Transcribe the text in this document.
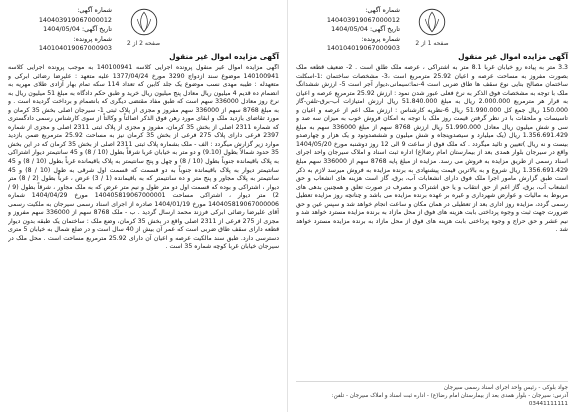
صفحه 1 از 2
شماره آگهی: 140403919067000012
تاریخ آگهی: 1404/05/04
شماره پرونده: 140104019067000903
آگهی مزایده اموال غیر منقول
3.3 متر به پیاده رو خیابان غربا 8.1 متر به اشتراکی ، عرصه ملک طلق است . 2- ضعیف قطعه ملک بصورت مفروز به مساحت عرصه و اعیان 25.92 مترمربع است ،3- مشخصات ساختمان :1-اسکلت ساختمان مصالح بنایی نوع سقف ها طاق ضربی است 4-نما:سیمانی،دیوار آجر است 5- ارزش ششدانگ ملک با توجه به مشخصات فوق الذکر به نرخ فعلی عبور شدن نمود : ارزش 25.92 مترمربع عرصه و اعیان به قرار هر مترمربع 2.000.000 ریال به مبلغ 51.840.000 ریال ارزش امتیازات آب-برق-تلفن-گاز 150.000 ریال جمع کل 51.990.000 ریال 6-نظریه کارشناس : ارزش ملک اعم از عرصه و اعیان و تاسیسات و ملحقات با در نظر گرفتن قیمت روز ملک با توجه به امکان فروش خوب به میزان سه صد و سی و شش میلیون ریال معادل 51.990.000 ریال ارزش 8768 سهم از مبلغ 336000 سهم به مبلغ 1.356.691.429 ریال (یک میلیارد و سیصدوپنجاه و شش میلیون و ششصدونود و یک هزار و چهارصدو بیست و نه ریال )تعیین و تائید میگردد . که ملک فوق از ساعت 9 الی 12 روز دوشنبه مورخ 1404/05/20 واقع در سیرجان بلوار همدی بعد از بیمارستان امام رضا(ع) اداره ثبت اسناد و املاک سیرجان واحد اجرای اسناد رسمی از طریق مزایده به فروش می رسد. مزایده از مبلغ پایه 8768 سهم از 336000 سهم مبلغ 1.356.691.429 ریال شروع و به بالاترین قیمت پیشنهادی به برنده مزایده به فروش میرسد لازم به ذکر است طبق گزارش مامور اجرا ملک فوق دارای انشعابات آب، برق، گاز است هزینه های انشعاب و حق انشعاب آب، برق، گاز اعم از حق انتقاب و یا حق اشتراک و مصرف در صورت تعلق و همچنین بدهی های مربوط به مالیات و عوارض شهرداری و غیره بر عهده برنده مزایده می باشد و چنانچه روز مزایده تعطیل رسمی گردد، مزایده روز اداری بعد از تعطیلی در همان مکان و ساعت انجام خواهد شد و سپس عین و حق ضرورت جهت ثبت و وجوه پرداختی بابت هزینه های فوق از محل مازاد به برنده مزایده مسترد خواهد شد و نیم عشر و حق حراج و وجوه پرداختی بابت هزینه های فوق از محل مازاد به برنده مزایده مسترد خواهد شد .
جواد بلوکی - رئیس واحد اجرای اسناد رسمی سیرجان
آدرس: سیرجان - بلوار همدی بعد از بیمارستان امام رضا(ع) - اداره ثبت اسناد و املاک سیرجان - تلفن: 03441111111
صفحه 2 از 2
شماره آگهی: 140403919067000012
تاریخ آگهی: 1404/05/04
شماره پرونده: 140104019067000903
آگهی مزایده اموال غیر منقول
آگهی مزایده اموال غیر منقول پرونده اجرایی کلاسه 140100941 به موجب پرونده اجرایی کلاسه 140100941 موضوع سند ازدواج 3290 مورخ 1377/04/24 علیه متعهد : علیرضا رضائی ابرکی و متعهدله : طیبه مهدی نسب موضوع یک جلد کابین که تعداد 114 سکه تمام بهار آزادی طلای مهریه به انضمام ده قدیم 4 میلیون ریال معادل پنج میلیون ریال خرید و طبق حکم دادگاه به مبلغ 51 میلیون ریال به نرخ روز معادل 336000 سهم است که طبق مفاد مقتضی دیگری که بانصمام و برداخت گردیده است . و به مبلغ 8768 سهم از 336000 سهم مفروز و مجزی از پلاک ثبتی 1- سیرجان اصلی بخش 35 کرمان و مورد تقاضای بازدید ملک و ابقای مورد رهن فوق الذکر اصالتاً و وکالتاً از سوی کارشناس رسمی دادگستری که شماره 2311 اصلی از بخش 35 کرمان، مفروز و مجزی از پلاک ثبتی 2311 اصلی و مجزی از شماره 2397 فرعی دارای پلاک 275 فرعی از بخش 35 کرمان نیز به مساحت 25.92 مترمربع ضمن بازدید موارد زیر گزارش میگردد : الف - ملک بشماره پلاک ثبتی 2311 اصلی از بخش 35 کرمان که در این بخش 35 حدود شمالاً بطول (9.10) و دو متر به خیابان غربا شرقاً بطول (10 / 8) و 45 سانتیمتر دیوار اشتراکی به پلاک باقیمانده جنوباً بطول (10 / 8) و چهل و پنج سانتیمتر به پلاک باقیمانده غرباً بطول (10 / 8) و 45 سانتیمتر دیوار به پلاک باقیمانده جنوباً به دو قسمت که قسمت اول شرقی به طول (10 / 8) و 45 سانتیمتر به پلاک مجاور و پنج متر و ده سانتیمتر که به باقیمانده (1 / 3) عرض ، غرباً بطول (2 / 8) متر دیوار ، اشتراکی و بوده که قسمت اول دو متر طول و نیم متر عرض که به ملک مجاور ، شرقاً بطول (9 / 2) متر دیوار ، اشتراکی مساحت 140405819067000001 مورخ 1404/04/29 شماره 140405819067000006 مورخ 1404/01/19 صادره از اجرای اسناد رسمی سیرجان به ملکیت رسمی آقای علیرضا رضائی ابرکی فرزند محمد ارسال گردید . ب - ملک 8768 سهم از 336000 سهم مفروز و مجزی از 275 فرعی از 2311 اصلی واقع در بخش 35 کرمان، وضع ملک : ساختمان یک طبقه بدون دیوار قطعه دارای سقف طاق ضربی است که عمر آن بیش از 40 سال است و در ضلع شمال به خیابان 5 متری دسترسی دارد. طبق سند مالکیت عرصه و اعیان آن دارای 25.92 مترمربع مساحت است . محل ملک در سیرجان خیابان غربا کوچه شماره 35 است .
